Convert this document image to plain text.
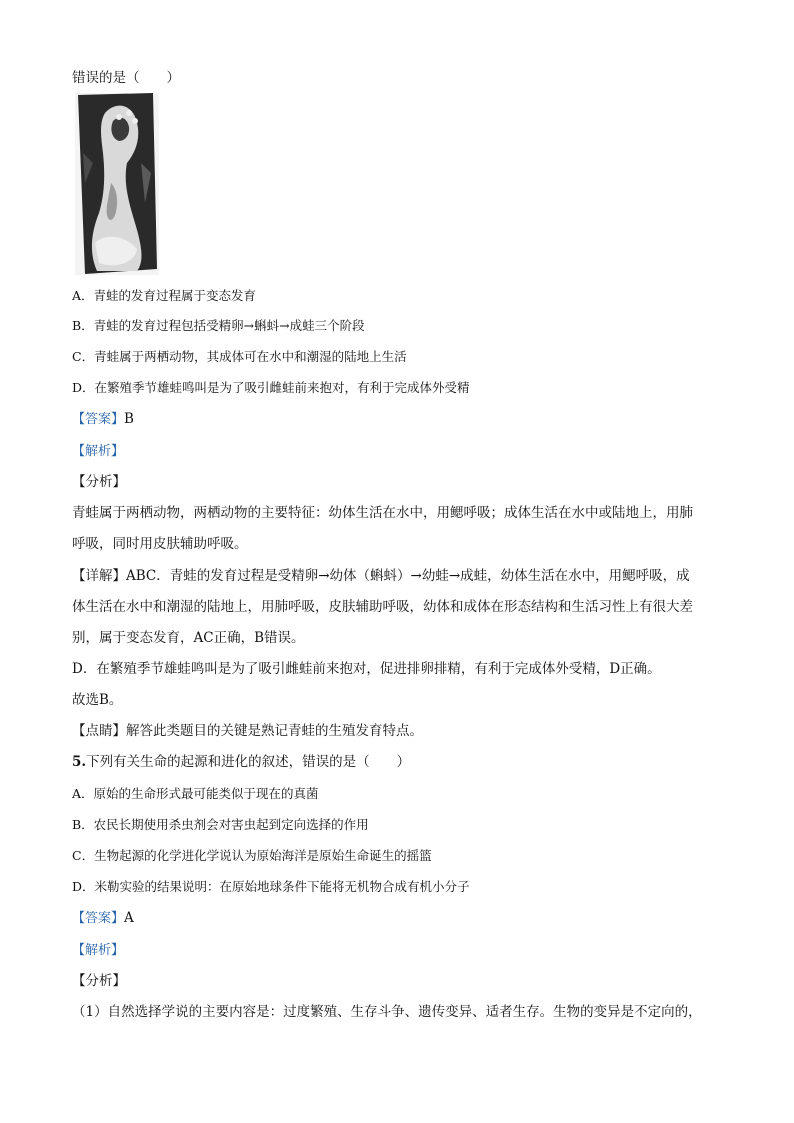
错误的是（　　）
A．青蛙的发育过程属于变态发育
B．青蛙的发育过程包括受精卵→蝌蚪→成蛙三个阶段
C．青蛙属于两栖动物，其成体可在水中和潮湿的陆地上生活
D．在繁殖季节雄蛙鸣叫是为了吸引雌蛙前来抱对，有利于完成体外受精
【答案】B
【解析】
【分析】
青蛙属于两栖动物，两栖动物的主要特征：幼体生活在水中，用鳃呼吸；成体生活在水中或陆地上，用肺
呼吸，同时用皮肤辅助呼吸。
【详解】ABC．青蛙的发育过程是受精卵→幼体（蝌蚪）→幼蛙→成蛙，幼体生活在水中，用鳃呼吸，成
体生活在水中和潮湿的陆地上，用肺呼吸，皮肤辅助呼吸，幼体和成体在形态结构和生活习性上有很大差
别，属于变态发育，AC正确，B错误。
D．在繁殖季节雄蛙鸣叫是为了吸引雌蛙前来抱对，促进排卵排精，有利于完成体外受精，D正确。
故选B。
【点睛】解答此类题目的关键是熟记青蛙的生殖发育特点。
5.下列有关生命的起源和进化的叙述，错误的是（　　）
A．原始的生命形式最可能类似于现在的真菌
B．农民长期使用杀虫剂会对害虫起到定向选择的作用
C．生物起源的化学进化学说认为原始海洋是原始生命诞生的摇篮
D．米勒实验的结果说明：在原始地球条件下能将无机物合成有机小分子
【答案】A
【解析】
【分析】
（1）自然选择学说的主要内容是：过度繁殖、生存斗争、遗传变异、适者生存。生物的变异是不定向的，
